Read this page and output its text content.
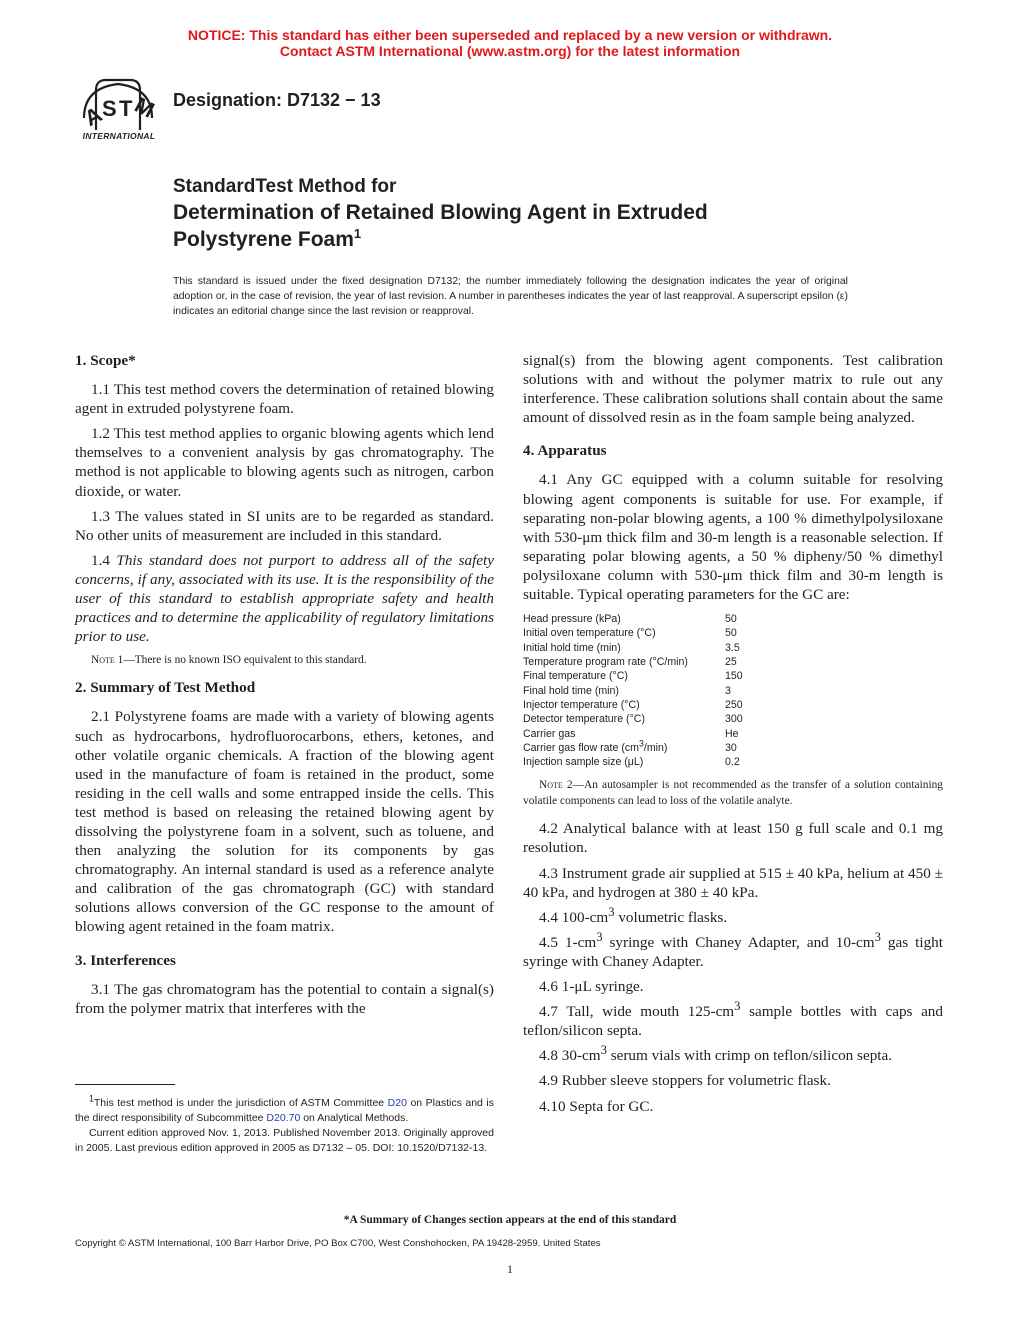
NOTICE: This standard has either been superseded and replaced by a new version or withdrawn.
Contact ASTM International (www.astm.org) for the latest information
A
S T
M
INTERNATIONAL
Designation: D7132 − 13
StandardTest Method for
Determination of Retained Blowing Agent in Extruded
Polystyrene Foam$^1$
This standard is issued under the fixed designation D7132; the number immediately following the designation indicates the year of original adoption or, in the case of revision, the year of last revision. A number in parentheses indicates the year of last reapproval. A superscript epsilon (ε) indicates an editorial change since the last revision or reapproval.
1. Scope*

1.1 This test method covers the determination of retained blowing agent in extruded polystyrene foam.

1.2 This test method applies to organic blowing agents which lend themselves to a convenient analysis by gas chromatography. The method is not applicable to blowing agents such as nitrogen, carbon dioxide, or water.

1.3 The values stated in SI units are to be regarded as standard. No other units of measurement are included in this standard.

1.4 This standard does not purport to address all of the safety concerns, if any, associated with its use. It is the responsibility of the user of this standard to establish appropriate safety and health practices and to determine the applicability of regulatory limitations prior to use.

Note 1—There is no known ISO equivalent to this standard.
2. Summary of Test Method

2.1 Polystyrene foams are made with a variety of blowing agents such as hydrocarbons, hydrofluorocarbons, ethers, ketones, and other volatile organic chemicals. A fraction of the blowing agent used in the manufacture of foam is retained in the product, some residing in the cell walls and some entrapped inside the cells. This test method is based on releasing the retained blowing agent by dissolving the polystyrene foam in a solvent, such as toluene, and then analyzing the solution for its components by gas chromatography. An internal standard is used as a reference analyte and calibration of the gas chromatograph (GC) with standard solutions allows conversion of the GC response to the amount of blowing agent retained in the foam matrix.

3. Interferences

3.1 The gas chromatogram has the potential to contain a signal(s) from the polymer matrix that interferes with the

$^1$This test method is under the jurisdiction of ASTM Committee D20 on Plastics and is the direct responsibility of Subcommittee D20.70 on Analytical Methods.

Current edition approved Nov. 1, 2013. Published November 2013. Originally approved in 2005. Last previous edition approved in 2005 as D7132 – 05. DOI: 10.1520/D7132-13.

signal(s) from the blowing agent components. Test calibration solutions with and without the polymer matrix to rule out any interference. These calibration solutions shall contain about the same amount of dissolved resin as in the foam sample being analyzed.

4. Apparatus

4.1 Any GC equipped with a column suitable for resolving blowing agent components is suitable for use. For example, if separating non-polar blowing agents, a 100 % dimethylpolysiloxane with 530-μm thick film and 30-m length is a reasonable selection. If separating polar blowing agents, a 50 % dipheny/50 % dimethyl polysiloxane column with 530-μm thick film and 30-m length is suitable. Typical operating parameters for the GC are:

Head pressure (kPa)	50
Initial oven temperature (°C)	50
Initial hold time (min)	3.5
Temperature program rate (°C/min)	25
Final temperature (°C)	150
Final hold time (min)	3
Injector temperature (°C)	250
Detector temperature (°C)	300
Carrier gas	He
Carrier gas flow rate $(cm^3/\min)$	30
Injection sample size (μL)	0.2
Note 2—An autosampler is not recommended as the transfer of a solution containing volatile components can lead to loss of the volatile analyte.

4.2 Analytical balance with at least 150 g full scale and 0.1 mg resolution.

4.3 Instrument grade air supplied at 515 ± 40 kPa, helium at 450 ± 40 kPa, and hydrogen at 380 ± 40 kPa.

4.4 $100-cm^3$ volumetric flasks.

4.5 $1-cm^3$ syringe with Chaney Adapter, and $10-cm^3$ gas tight syringe with Chaney Adapter.

4.6 1-μL syringe.

4.7 Tall, wide mouth $125-cm^3$ sample bottles with caps and teflon/silicon septa.

4.8 $30-cm^3$ serum vials with crimp on teflon/silicon septa.

4.9 Rubber sleeve stoppers for volumetric flask.

4.10 Septa for GC.

*A Summary of Changes section appears at the end of this standard
Copyright © ASTM International, 100 Barr Harbor Drive, PO Box C700, West Conshohocken, PA 19428-2959. United States
1
